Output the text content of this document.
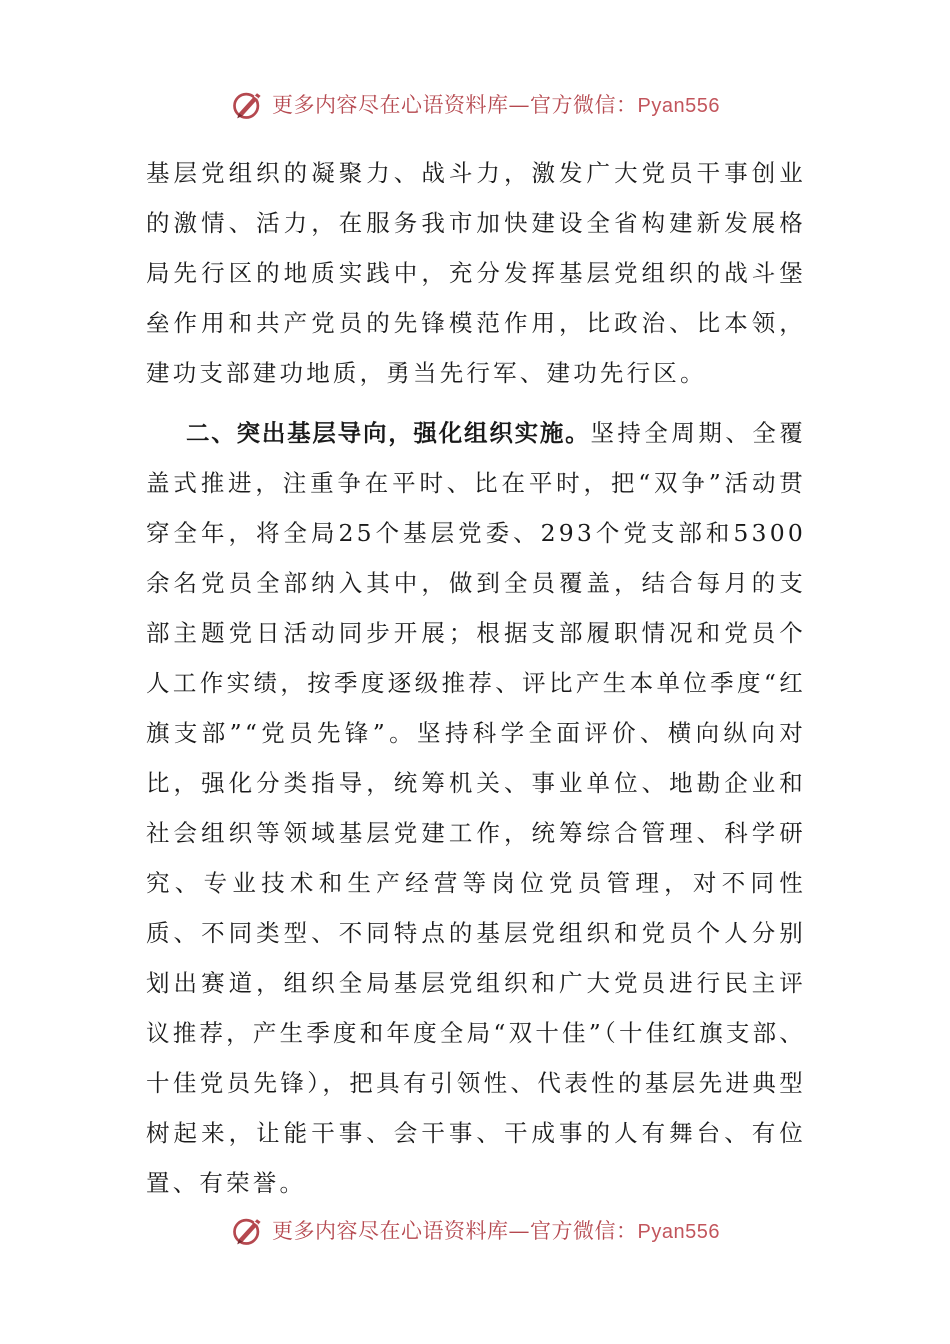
更多内容尽在心语资料库—官方微信：Pyan556

基层党组织的凝聚力、战斗力，激发广大党员干事创业的激情、活力，在服务我市加快建设全省构建新发展格局先行区的地质实践中，充分发挥基层党组织的战斗堡垒作用和共产党员的先锋模范作用，比政治、比本领，建功支部建功地质，勇当先行军、建功先行区。

二、突出基层导向，强化组织实施。坚持全周期、全覆盖式推进，注重争在平时、比在平时，把“双争”活动贯穿全年，将全局25个基层党委、293个党支部和5300余名党员全部纳入其中，做到全员覆盖，结合每月的支部主题党日活动同步开展；根据支部履职情况和党员个人工作实绩，按季度逐级推荐、评比产生本单位季度“红旗支部”“党员先锋”。坚持科学全面评价、横向纵向对比，强化分类指导，统筹机关、事业单位、地勘企业和社会组织等领域基层党建工作，统筹综合管理、科学研究、专业技术和生产经营等岗位党员管理，对不同性质、不同类型、不同特点的基层党组织和党员个人分别划出赛道，组织全局基层党组织和广大党员进行民主评议推荐，产生季度和年度全局“双十佳”（十佳红旗支部、十佳党员先锋），把具有引领性、代表性的基层先进典型树起来，让能干事、会干事、干成事的人有舞台、有位置、有荣誉。

更多内容尽在心语资料库—官方微信：Pyan556
